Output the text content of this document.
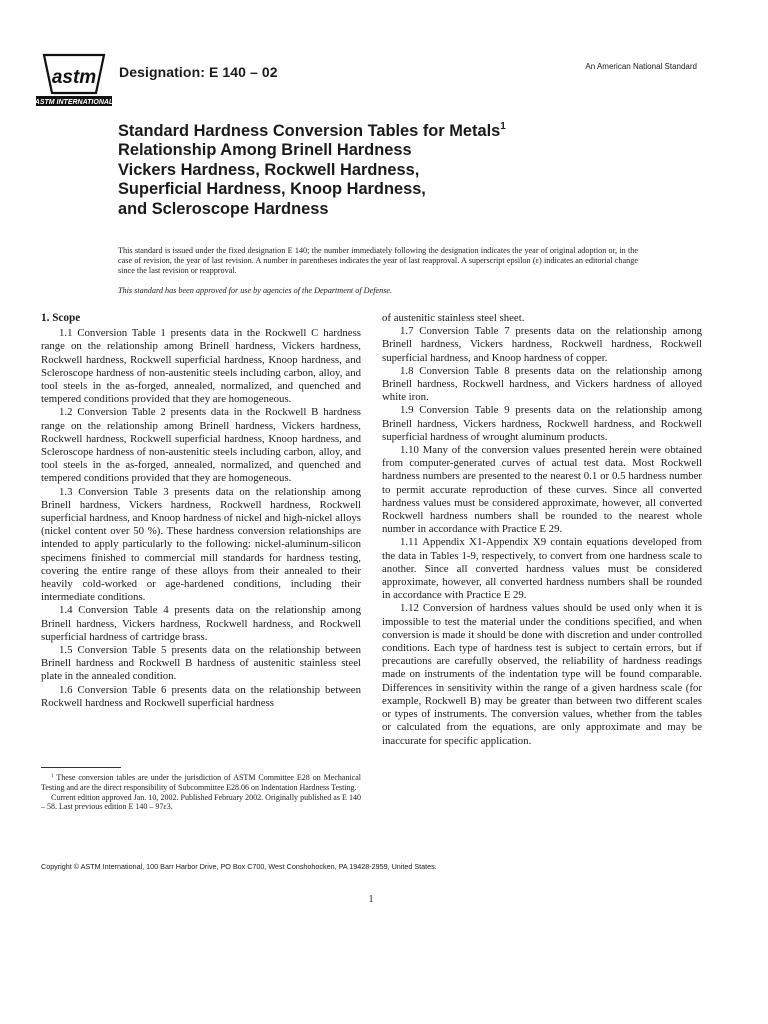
astm
ASTM INTERNATIONAL
Designation: E 140 – 02	An American National Standard
Standard Hardness Conversion Tables for Metals$^1$
Relationship Among Brinell Hardness
Vickers Hardness, Rockwell Hardness,
Superficial Hardness, Knoop Hardness,
and Scleroscope Hardness
This standard is issued under the fixed designation E 140; the number immediately following the designation indicates the year of original adoption or, in the case of revision, the year of last revision. A number in parentheses indicates the year of last reapproval. A superscript epsilon (ε) indicates an editorial change since the last revision or reapproval.
This standard has been approved for use by agencies of the Department of Defense.
1. Scope

1.1 Conversion Table 1 presents data in the Rockwell C hardness range on the relationship among Brinell hardness, Vickers hardness, Rockwell hardness, Rockwell superficial hardness, Knoop hardness, and Scleroscope hardness of non-austenitic steels including carbon, alloy, and tool steels in the as-forged, annealed, normalized, and quenched and tempered conditions provided that they are homogeneous.

1.2 Conversion Table 2 presents data in the Rockwell B hardness range on the relationship among Brinell hardness, Vickers hardness, Rockwell hardness, Rockwell superficial hardness, Knoop hardness, and Scleroscope hardness of non-austenitic steels including carbon, alloy, and tool steels in the as-forged, annealed, normalized, and quenched and tempered conditions provided that they are homogeneous.

1.3 Conversion Table 3 presents data on the relationship among Brinell hardness, Vickers hardness, Rockwell hardness, Rockwell superficial hardness, and Knoop hardness of nickel and high-nickel alloys (nickel content over 50 %). These hardness conversion relationships are intended to apply particularly to the following: nickel-aluminum-silicon specimens finished to commercial mill standards for hardness testing, covering the entire range of these alloys from their annealed to their heavily cold-worked or age-hardened conditions, including their intermediate conditions.

1.4 Conversion Table 4 presents data on the relationship among Brinell hardness, Vickers hardness, Rockwell hardness, and Rockwell superficial hardness of cartridge brass.

1.5 Conversion Table 5 presents data on the relationship between Brinell hardness and Rockwell B hardness of austenitic stainless steel plate in the annealed condition.

1.6 Conversion Table 6 presents data on the relationship between Rockwell hardness and Rockwell superficial hardness

of austenitic stainless steel sheet.

1.7 Conversion Table 7 presents data on the relationship among Brinell hardness, Vickers hardness, Rockwell hardness, Rockwell superficial hardness, and Knoop hardness of copper.

1.8 Conversion Table 8 presents data on the relationship among Brinell hardness, Rockwell hardness, and Vickers hardness of alloyed white iron.

1.9 Conversion Table 9 presents data on the relationship among Brinell hardness, Vickers hardness, Rockwell hardness, and Rockwell superficial hardness of wrought aluminum products.

1.10 Many of the conversion values presented herein were obtained from computer-generated curves of actual test data. Most Rockwell hardness numbers are presented to the nearest 0.1 or 0.5 hardness number to permit accurate reproduction of these curves. Since all converted hardness values must be considered approximate, however, all converted Rockwell hardness numbers shall be rounded to the nearest whole number in accordance with Practice E 29.

1.11 Appendix X1-Appendix X9 contain equations developed from the data in Tables 1-9, respectively, to convert from one hardness scale to another. Since all converted hardness values must be considered approximate, however, all converted hardness numbers shall be rounded in accordance with Practice E 29.

1.12 Conversion of hardness values should be used only when it is impossible to test the material under the conditions specified, and when conversion is made it should be done with discretion and under controlled conditions. Each type of hardness test is subject to certain errors, but if precautions are carefully observed, the reliability of hardness readings made on instruments of the indentation type will be found comparable. Differences in sensitivity within the range of a given hardness scale (for example, Rockwell B) may be greater than between two different scales or types of instruments. The conversion values, whether from the tables or calculated from the equations, are only approximate and may be inaccurate for specific application.

$^1$ These conversion tables are under the jurisdiction of ASTM Committee E28 on Mechanical Testing and are the direct responsibility of Subcommittee E28.06 on Indentation Hardness Testing.

Current edition approved Jan. 10, 2002. Published February 2002. Originally published as E 140 – 58. Last previous edition E 140 – 97ε3.

Copyright © ASTM International, 100 Barr Harbor Drive, PO Box C700, West Conshohocken, PA 19428-2959, United States.
1
